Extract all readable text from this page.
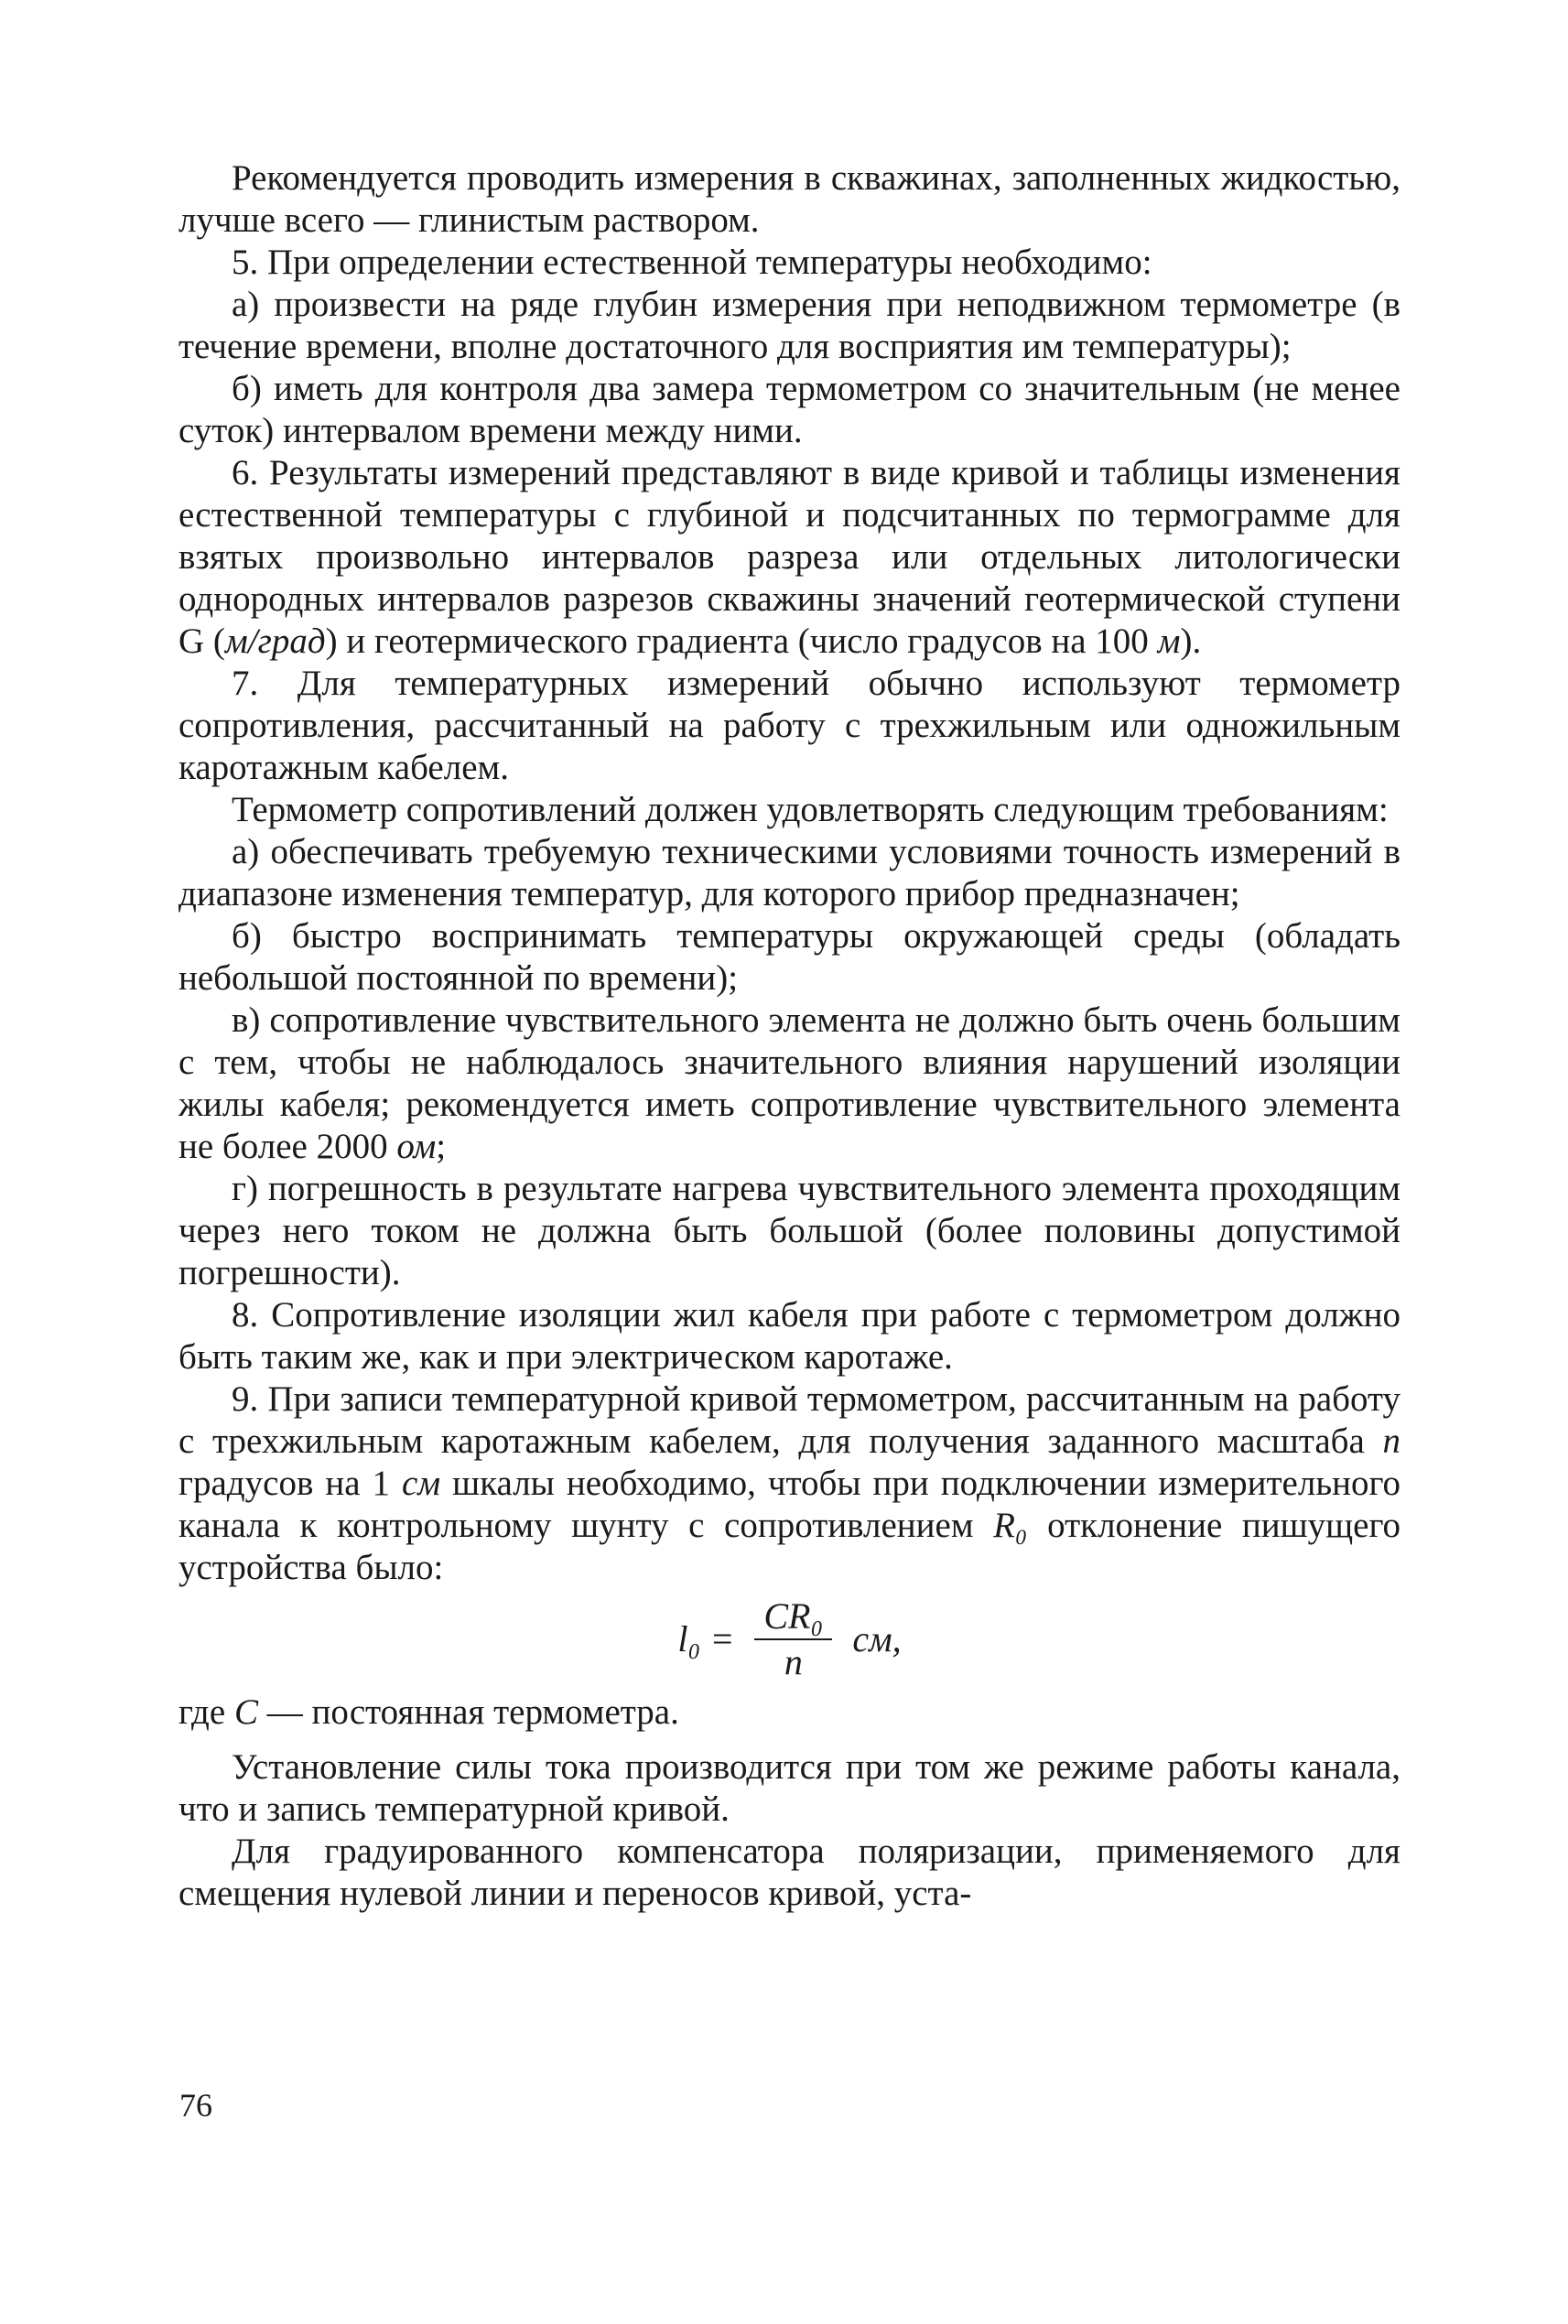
Рекомендуется проводить измерения в скважинах, заполненных жидкостью, лучше всего — глинистым раствором.

5. При определении естественной температуры необходимо:

а) произвести на ряде глубин измерения при неподвижном термометре (в течение времени, вполне достаточного для восприятия им температуры);

б) иметь для контроля два замера термометром со значительным (не менее суток) интервалом времени между ними.

6. Результаты измерений представляют в виде кривой и таблицы изменения естественной температуры с глубиной и подсчитанных по термограмме для взятых произвольно интервалов разреза или отдельных литологически однородных интервалов разрезов скважины значений геотермической ступени G (м/град) и геотермического градиента (число градусов на 100 м).

7. Для температурных измерений обычно используют термометр сопротивления, рассчитанный на работу с трехжильным или одножильным каротажным кабелем.

Термометр сопротивлений должен удовлетворять следующим требованиям:

а) обеспечивать требуемую техническими условиями точность измерений в диапазоне изменения температур, для которого прибор предназначен;

б) быстро воспринимать температуры окружающей среды (обладать небольшой постоянной по времени);

в) сопротивление чувствительного элемента не должно быть очень большим с тем, чтобы не наблюдалось значительного влияния нарушений изоляции жилы кабеля; рекомендуется иметь сопротивление чувствительного элемента не более 2000 ом;

г) погрешность в результате нагрева чувствительного элемента проходящим через него током не должна быть большой (более половины допустимой погрешности).

8. Сопротивление изоляции жил кабеля при работе с термометром должно быть таким же, как и при электрическом каротаже.

9. При записи температурной кривой термометром, рассчитанным на работу с трехжильным каротажным кабелем, для получения заданного масштаба n градусов на 1 см шкалы необходимо, чтобы при подключении измерительного канала к контрольному шунту с сопротивлением R₀ отклонение пишущего устройства было:

$l_0 = \frac{\text{CR₀}}{n}$ см,

где C — постоянная термометра.

Установление силы тока производится при том же режиме работы канала, что и запись температурной кривой.

Для градуированного компенсатора поляризации, применяемого для смещения нулевой линии и переносов кривой, уста-

76
